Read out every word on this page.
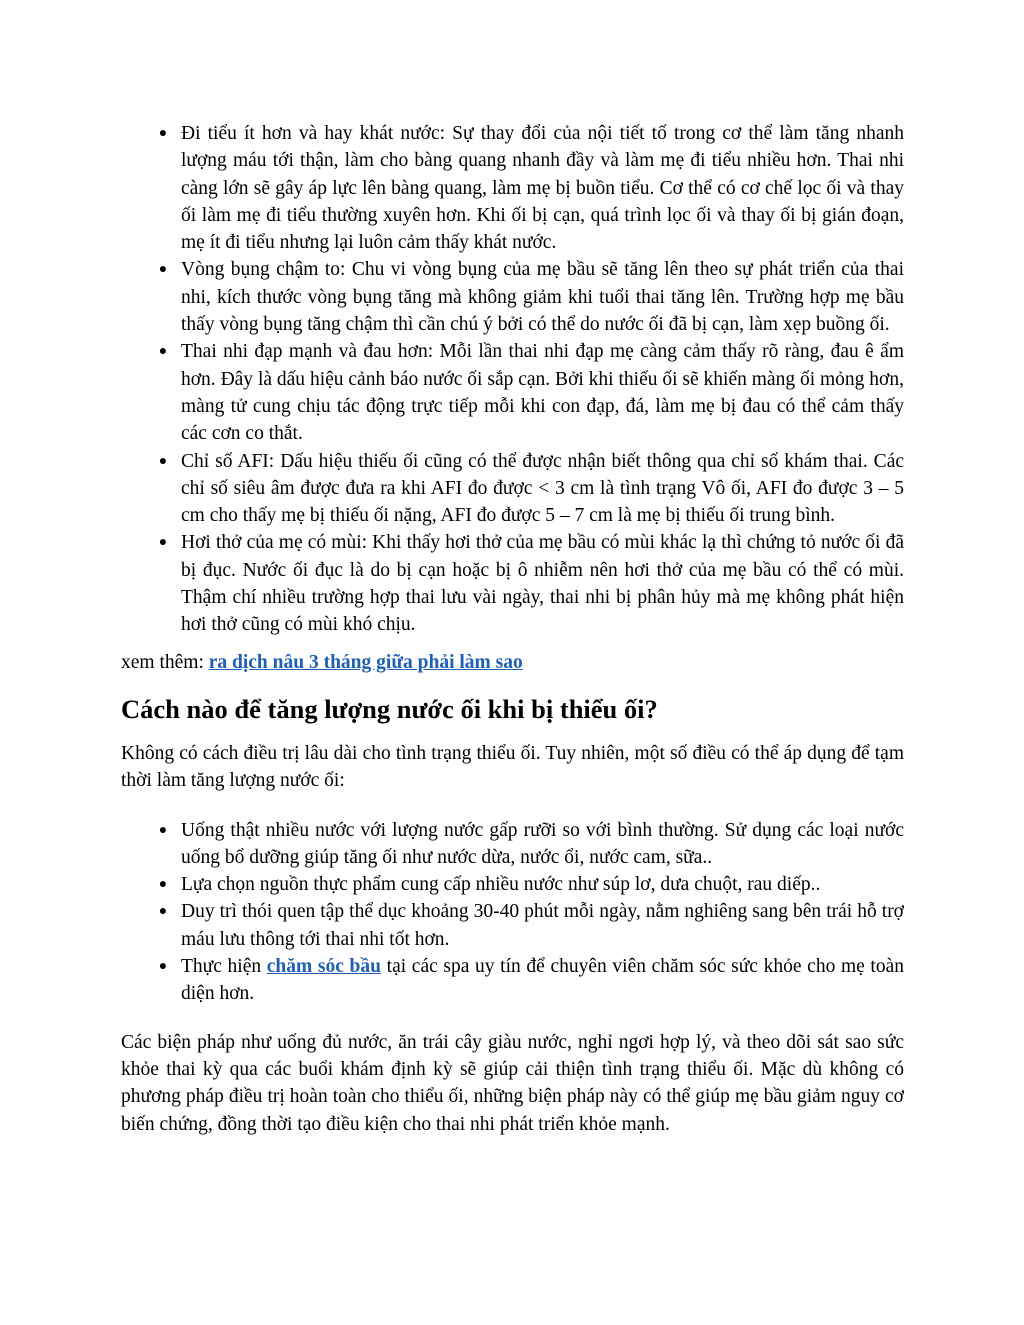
● Đi tiểu ít hơn và hay khát nước: Sự thay đổi của nội tiết tố trong cơ thể làm tăng nhanh lượng máu tới thận, làm cho bàng quang nhanh đầy và làm mẹ đi tiểu nhiều hơn. Thai nhi càng lớn sẽ gây áp lực lên bàng quang, làm mẹ bị buồn tiểu. Cơ thể có cơ chế lọc ối và thay ối làm mẹ đi tiểu thường xuyên hơn. Khi ối bị cạn, quá trình lọc ối và thay ối bị gián đoạn, mẹ ít đi tiểu nhưng lại luôn cảm thấy khát nước.
● Vòng bụng chậm to: Chu vi vòng bụng của mẹ bầu sẽ tăng lên theo sự phát triển của thai nhi, kích thước vòng bụng tăng mà không giảm khi tuổi thai tăng lên. Trường hợp mẹ bầu thấy vòng bụng tăng chậm thì cần chú ý bởi có thể do nước ối đã bị cạn, làm xẹp buồng ối.
● Thai nhi đạp mạnh và đau hơn: Mỗi lần thai nhi đạp mẹ càng cảm thấy rõ ràng, đau ê ẩm hơn. Đây là dấu hiệu cảnh báo nước ối sắp cạn. Bởi khi thiếu ối sẽ khiến màng ối mỏng hơn, màng tử cung chịu tác động trực tiếp mỗi khi con đạp, đá, làm mẹ bị đau có thể cảm thấy các cơn co thắt.
● Chỉ số AFI: Dấu hiệu thiếu ối cũng có thể được nhận biết thông qua chỉ số khám thai. Các chỉ số siêu âm được đưa ra khi AFI đo được < 3 cm là tình trạng Vô ối, AFI đo được 3 – 5 cm cho thấy mẹ bị thiếu ối nặng, AFI đo được 5 – 7 cm là mẹ bị thiếu ối trung bình.
● Hơi thở của mẹ có mùi: Khi thấy hơi thở của mẹ bầu có mùi khác lạ thì chứng tỏ nước ối đã bị đục. Nước ối đục là do bị cạn hoặc bị ô nhiễm nên hơi thở của mẹ bầu có thể có mùi. Thậm chí nhiều trường hợp thai lưu vài ngày, thai nhi bị phân hủy mà mẹ không phát hiện hơi thở cũng có mùi khó chịu.
xem thêm: ra dịch nâu 3 tháng giữa phải làm sao
Cách nào để tăng lượng nước ối khi bị thiểu ối?

Không có cách điều trị lâu dài cho tình trạng thiểu ối. Tuy nhiên, một số điều có thể áp dụng để tạm thời làm tăng lượng nước ối:

● Uống thật nhiều nước với lượng nước gấp rưỡi so với bình thường. Sử dụng các loại nước uống bổ dưỡng giúp tăng ối như nước dừa, nước ổi, nước cam, sữa..
● Lựa chọn nguồn thực phẩm cung cấp nhiều nước như súp lơ, dưa chuột, rau diếp..
● Duy trì thói quen tập thể dục khoảng 30-40 phút mỗi ngày, nằm nghiêng sang bên trái hỗ trợ máu lưu thông tới thai nhi tốt hơn.
● Thực hiện chăm sóc bầu tại các spa uy tín để chuyên viên chăm sóc sức khỏe cho mẹ toàn diện hơn.

Các biện pháp như uống đủ nước, ăn trái cây giàu nước, nghỉ ngơi hợp lý, và theo dõi sát sao sức khỏe thai kỳ qua các buổi khám định kỳ sẽ giúp cải thiện tình trạng thiểu ối. Mặc dù không có phương pháp điều trị hoàn toàn cho thiểu ối, những biện pháp này có thể giúp mẹ bầu giảm nguy cơ biến chứng, đồng thời tạo điều kiện cho thai nhi phát triển khỏe mạnh.
